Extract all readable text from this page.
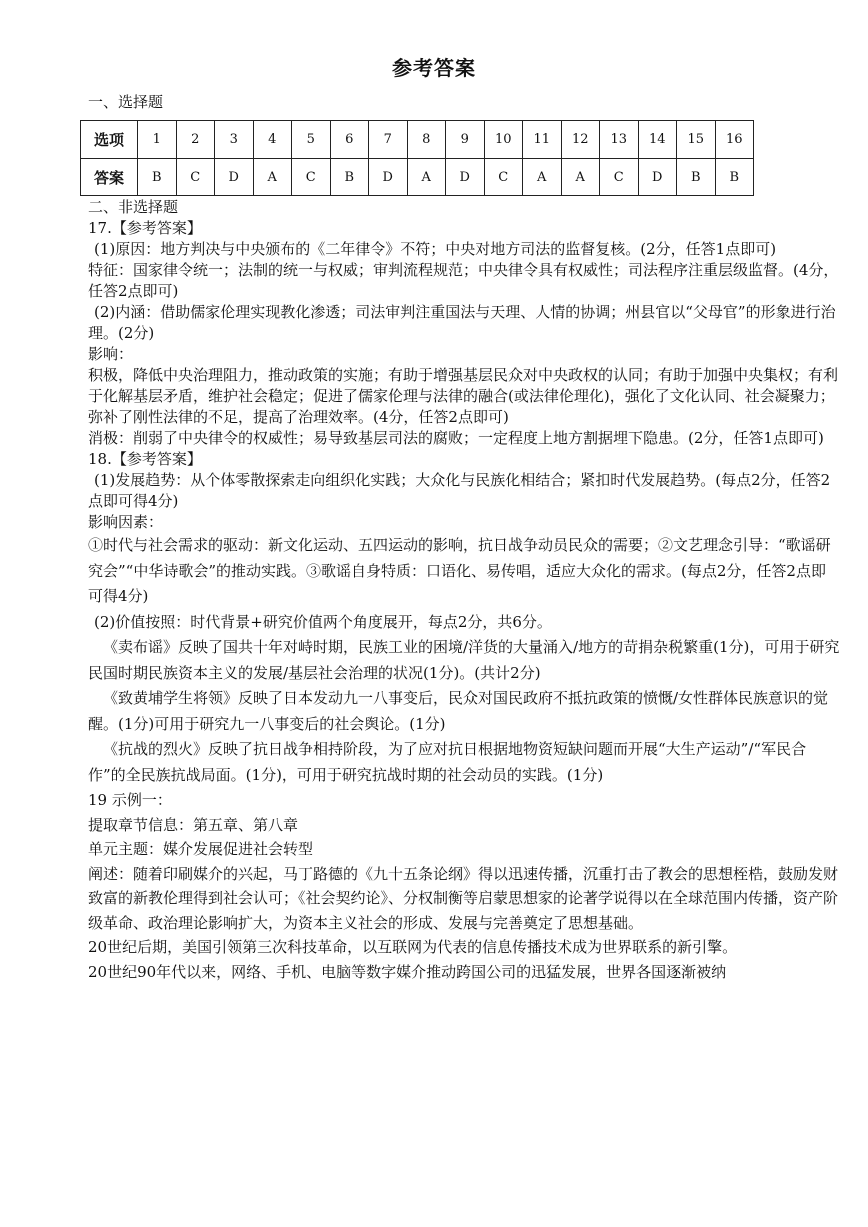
参考答案
一、选择题
选项	1	2	3	4	5	6	7	8	9	10	11	12	13	14	15	16
答案	B	C	D	A	C	B	D	A	D	C	A	A	C	D	B	B
二、非选择题

17.【参考答案】

(1)原因：地方判决与中央颁布的《二年律令》不符；中央对地方司法的监督复核。(2分，任答1点即可)

特征：国家律令统一；法制的统一与权威；审判流程规范；中央律令具有权威性；司法程序注重层级监督。(4分，任答2点即可)

(2)内涵：借助儒家伦理实现教化渗透；司法审判注重国法与天理、人情的协调；州县官以“父母官”的形象进行治理。(2分)

影响：

积极，降低中央治理阻力，推动政策的实施；有助于增强基层民众对中央政权的认同；有助于加强中央集权；有利于化解基层矛盾，维护社会稳定；促进了儒家伦理与法律的融合(或法律伦理化)，强化了文化认同、社会凝聚力；弥补了刚性法律的不足，提高了治理效率。(4分，任答2点即可)

消极：削弱了中央律令的权威性；易导致基层司法的腐败；一定程度上地方割据埋下隐患。(2分，任答1点即可)

18.【参考答案】

(1)发展趋势：从个体零散探索走向组织化实践；大众化与民族化相结合；紧扣时代发展趋势。(每点2分，任答2点即可得4分)

影响因素：

①时代与社会需求的驱动：新文化运动、五四运动的影响，抗日战争动员民众的需要；②文艺理念引导：“歌谣研究会”“中华诗歌会”的推动实践。③歌谣自身特质：口语化、易传唱，适应大众化的需求。(每点2分，任答2点即可得4分)

(2)价值按照：时代背景+研究价值两个角度展开，每点2分，共6分。

《卖布谣》反映了国共十年对峙时期，民族工业的困境/洋货的大量涌入/地方的苛捐杂税繁重(1分)，可用于研究民国时期民族资本主义的发展/基层社会治理的状况(1分)。(共计2分)

《致黄埔学生将领》反映了日本发动九一八事变后，民众对国民政府不抵抗政策的愤慨/女性群体民族意识的觉醒。(1分)可用于研究九一八事变后的社会舆论。(1分)

《抗战的烈火》反映了抗日战争相持阶段，为了应对抗日根据地物资短缺问题而开展“大生产运动”/“军民合作”的全民族抗战局面。(1分)，可用于研究抗战时期的社会动员的实践。(1分)

19 示例一：

提取章节信息：第五章、第八章

单元主题：媒介发展促进社会转型

阐述：随着印刷媒介的兴起，马丁路德的《九十五条论纲》得以迅速传播，沉重打击了教会的思想桎梏，鼓励发财致富的新教伦理得到社会认可；《社会契约论》、分权制衡等启蒙思想家的论著学说得以在全球范围内传播，资产阶级革命、政治理论影响扩大，为资本主义社会的形成、发展与完善奠定了思想基础。

20世纪后期，美国引领第三次科技革命，以互联网为代表的信息传播技术成为世界联系的新引擎。

20世纪90年代以来，网络、手机、电脑等数字媒介推动跨国公司的迅猛发展，世界各国逐渐被纳
